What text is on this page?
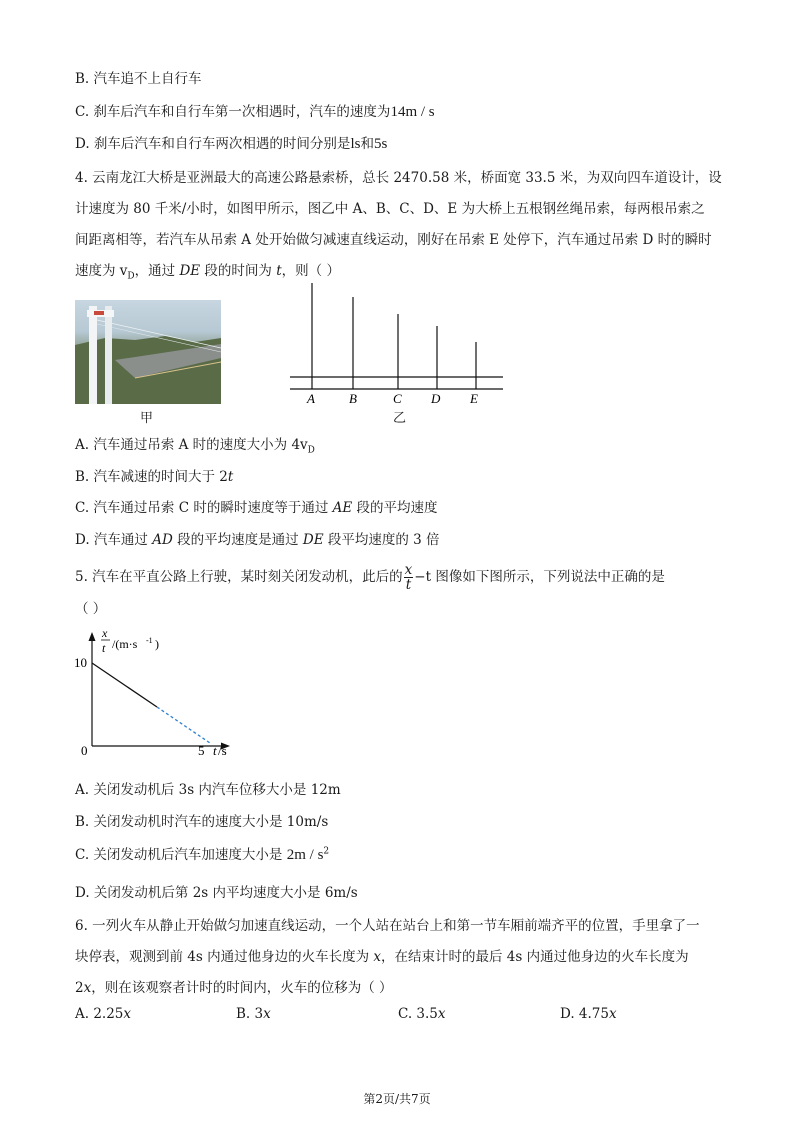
B. 汽车追不上自行车
C. 刹车后汽车和自行车第一次相遇时，汽车的速度为14m / s
D. 刹车后汽车和自行车两次相遇的时间分别是ls和5s
4. 云南龙江大桥是亚洲最大的高速公路悬索桥，总长 2470.58 米，桥面宽 33.5 米，为双向四车道设计，设
计速度为 80 千米/小时，如图甲所示，图乙中 A、B、C、D、E 为大桥上五根钢丝绳吊索，每两根吊索之
间距离相等，若汽车从吊索 A 处开始做匀减速直线运动，刚好在吊索 E 处停下，汽车通过吊索 D 时的瞬时
速度为 $v_D$，通过 DE 段的时间为 t，则（ ）
甲
A	B	C D E
乙
A. 汽车通过吊索 A 时的速度大小为 $4v_D$
B. 汽车减速的时间大于 2t
C. 汽车通过吊索 C 时的瞬时速度等于通过 AE 段的平均速度
D. 汽车通过 AD 段的平均速度是通过 DE 段平均速度的 3 倍
5. 汽车在平直公路上行驶，某时刻关闭发动机，此后的 $\frac{x}{t} -t$ 图像如下图所示，下列说法中正确的是
（ ）
x
t /(m·s -1 )
10
0	5 t /s
A. 关闭发动机后 3s 内汽车位移大小是 12m
B. 关闭发动机时汽车的速度大小是 10m/s
C. 关闭发动机后汽车加速度大小是 $2m / s^2$
D. 关闭发动机后第 2s 内平均速度大小是 6m/s
6. 一列火车从静止开始做匀加速直线运动，一个人站在站台上和第一节车厢前端齐平的位置，手里拿了一
块停表，观测到前 4s 内通过他身边的火车长度为 x，在结束计时的最后 4s 内通过他身边的火车长度为
2x，则在该观察者计时的时间内，火车的位移为（ ）
A. 2.25x	B. 3x	C. 3.5x	D. 4.75x
第2页/共7页
